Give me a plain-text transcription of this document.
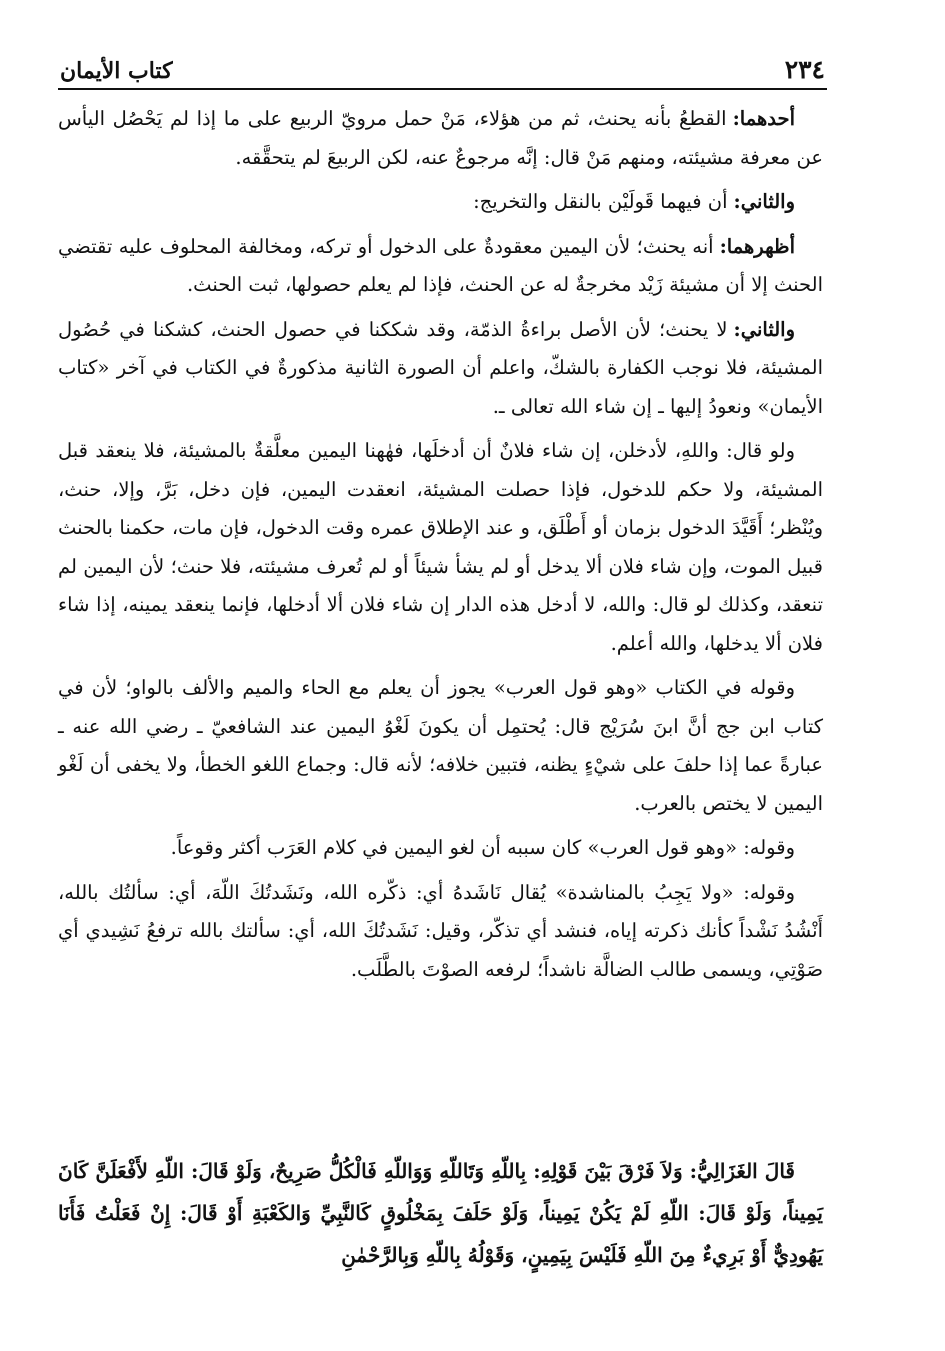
٢٣٤
كتاب الأيمان

أحدهما:القطعُ بأنه يحنث، ثم من هؤلاء، مَنْ حمل مرويّ الربيع على ما إذا لم يَحْصُل اليأس عن معرفة مشيئته، ومنهم مَنْ قال: إنَّه مرجوعٌ عنه، لكن الربيعَ لم يتحقَّقه.

والثاني:أن فيهما قَولَيْن بالنقل والتخريج:

أظهرهما:أنه يحنث؛ لأن اليمين معقودةٌ على الدخول أو تركه، ومخالفة المحلوف عليه تقتضي الحنث إلا أن مشيئة زَيْد مخرجةٌ له عن الحنث، فإذا لم يعلم حصولها، ثبت الحنث.

والثاني:لا يحنث؛ لأن الأصل براءةُ الذمّة، وقد شككنا في حصول الحنث، كشكنا في حُصُول المشيئة، فلا نوجب الكفارة بالشكّ، واعلم أن الصورة الثانية مذكورةٌ في الكتاب في آخر «كتاب الأيمان» ونعودُ إليها ـ إن شاء الله تعالى ـ.

ولو قال: واللهِ، لأدخلن، إن شاء فلانٌ أن أدخلَها، فهٰهنا اليمين معلَّقةٌ بالمشيئة، فلا ينعقد قبل المشيئة، ولا حكم للدخول، فإذا حصلت المشيئة، انعقدت اليمين، فإن دخل، بَرَّ، وإلا، حنث، ويُنْظر؛ أَقَيَّدَ الدخول بزمان أو أَطْلَق، و عند الإطلاق عمره وقت الدخول، فإن مات، حكمنا بالحنث قبيل الموت، وإن شاء فلان ألا يدخل أو لم يشأ شيئاً أو لم تُعرف مشيئته، فلا حنث؛ لأن اليمين لم تنعقد، وكذلك لو قال: والله، لا أدخل هذه الدار إن شاء فلان ألا أدخلها، فإنما ينعقد يمينه، إذا شاء فلان ألا يدخلها، والله أعلم.

وقوله في الكتاب «وهو قول العرب» يجوز أن يعلم مع الحاء والميم والألف بالواو؛ لأن في كتاب ابن جج أنَّ ابنَ سُرَيْج قال: يُحتمِل أن يكونَ لَغْوُ اليمين عند الشافعيّ ـ رضي الله عنه ـ عبارةً عما إذا حلفَ على شيْءٍ يظنه، فتبين خلافه؛ لأنه قال: وجماع اللغو الخطأ، ولا يخفى أن لَغْو اليمين لا يختص بالعرب.

وقوله: «وهو قول العرب» كان سببه أن لغو اليمين في كلام العَرَب أكثر وقوعاً.

وقوله: «ولا يَجِبُ بالمناشدة» يُقال نَاشَدهُ أي: ذكّره الله، ونَشَدتُكَ اللّهَ، أي: سألتُك بالله، أَنْشُدُ نَشْداً كأنك ذكرته إياه، فنشد أي تذكّر، وقيل: نَشَدتُكَ الله، أي: سألتك بالله ترفعُ نَشِيدي أي صَوْتِي، ويسمى طالب الضالَّة ناشداً؛ لرفعه الصوْتَ بالطَّلَب.

قَالَ الغَزَالِيُّ: وَلاَ فَرْقَ بَيْنَ قَوْلِهِ: بِاللّهِ وَتَاللّهِ وَوَاللّهِ فَالْكُلُّ صَرِيحٌ، وَلَوْ قَالَ: اللّهِ لأَفْعَلَنَّ كَانَ يَمِيناً، وَلَوْ قَالَ: اللّهِ لَمْ يَكُنْ يَمِيناً، وَلَوْ حَلَفَ بِمَخْلُوقٍ كَالنَّبِيِّ وَالكَعْبَةِ أَوْ قَالَ: إِنْ فَعَلْتُ فَأَنَا يَهُودِيٌّ أَوْ بَرِيءٌ مِنَ اللّهِ فَلَيْسَ بِيَمِينٍ، وَقَوْلُهُ بِاللّهِ وَبِالرَّحْمٰنِ
